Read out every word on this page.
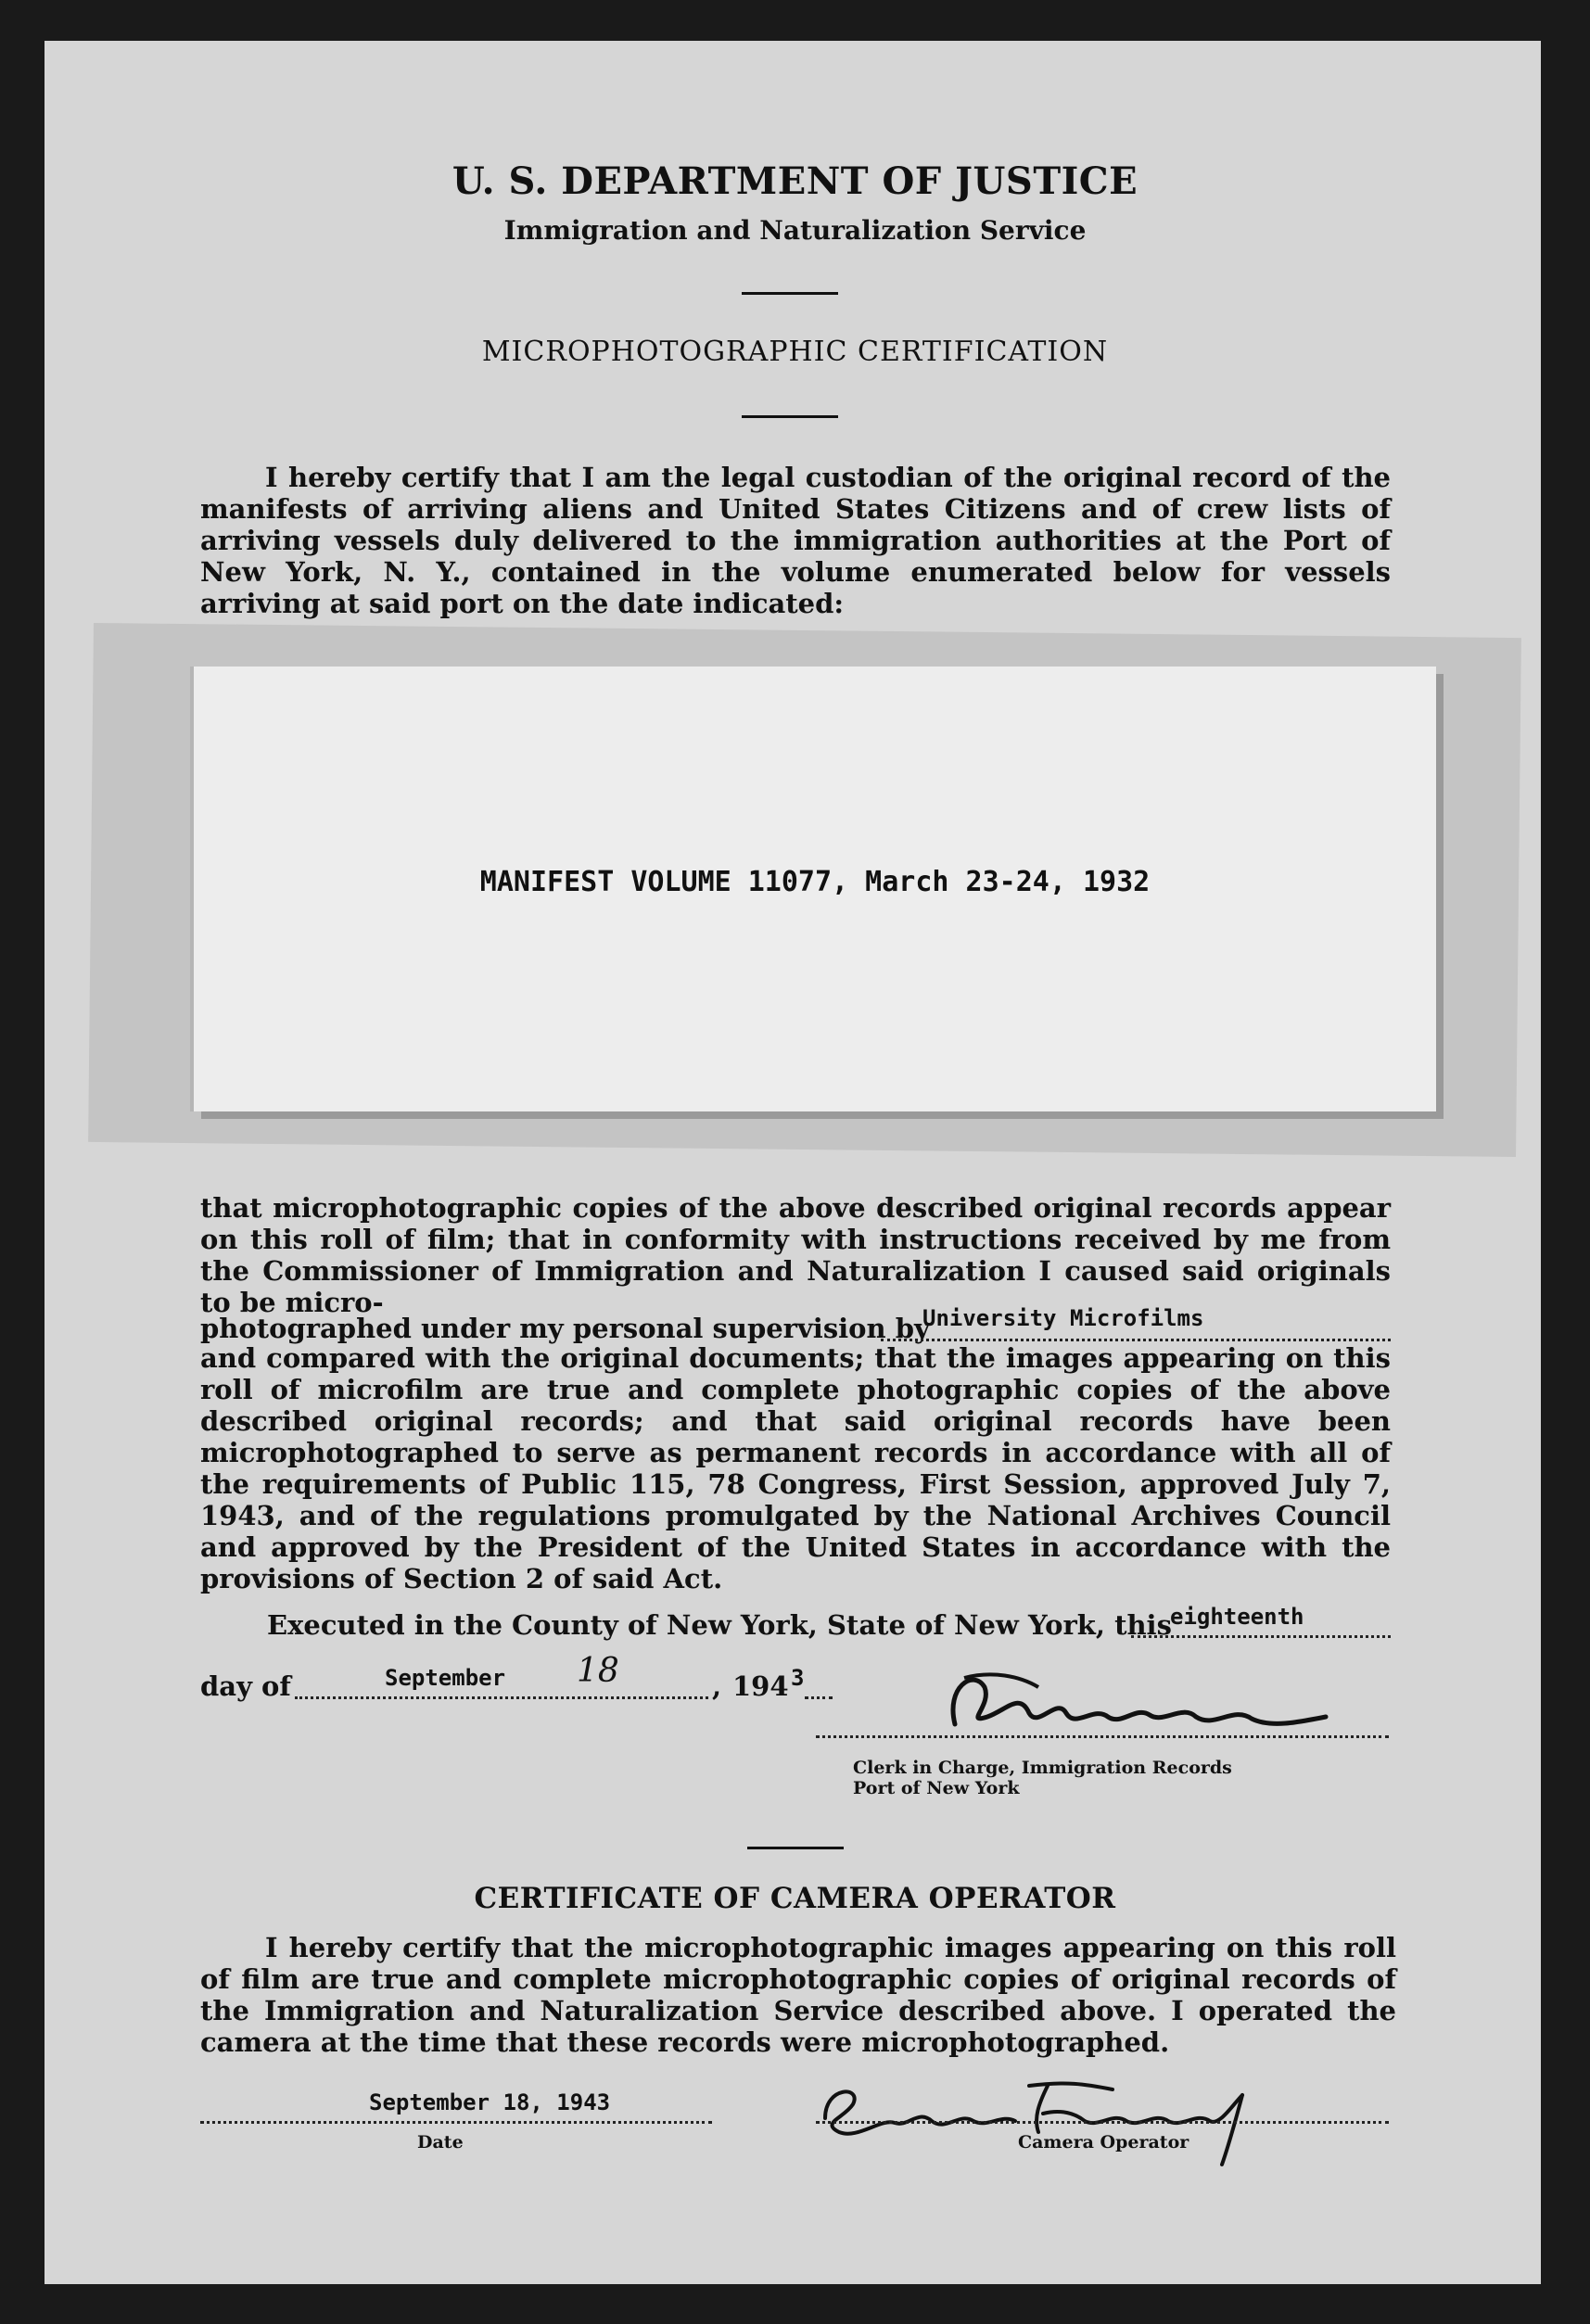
U. S. DEPARTMENT OF JUSTICE
Immigration and Naturalization Service
MICROPHOTOGRAPHIC CERTIFICATION

I hereby certify that I am the legal custodian of the original record of the manifests of arriving aliens and United States Citizens and of crew lists of arriving vessels duly delivered to the immigration authorities at the Port of New York, N. Y., contained in the volume enumerated below for vessels arriving at said port on the date indicated:

MANIFEST VOLUME 11077, March 23-24, 1932

that microphotographic copies of the above described original records appear on this roll of film; that in conformity with instructions received by me from the Commissioner of Immigration and Naturalization I caused said originals to be micro-

photographed under my personal supervision by
University Microfilms

and compared with the original documents; that the images appearing on this roll of microfilm are true and complete photographic copies of the above described original records; and that said original records have been microphotographed to serve as permanent records in accordance with all of the requirements of Public 115, 78 Congress, First Session, approved July 7, 1943, and of the regulations promulgated by the National Archives Council and approved by the President of the United States in accordance with the provisions of Section 2 of said Act.

Executed in the County of New York, State of New York, this
eighteenth
day of	September 18	, 194 3
Clerk in Charge, Immigration Records
Port of New York
CERTIFICATE OF CAMERA OPERATOR

I hereby certify that the microphotographic images appearing on this roll of film are true and complete microphotographic copies of original records of the Immigration and Naturalization Service described above. I operated the camera at the time that these records were microphotographed.

September 18, 1943
Date	Camera Operator
